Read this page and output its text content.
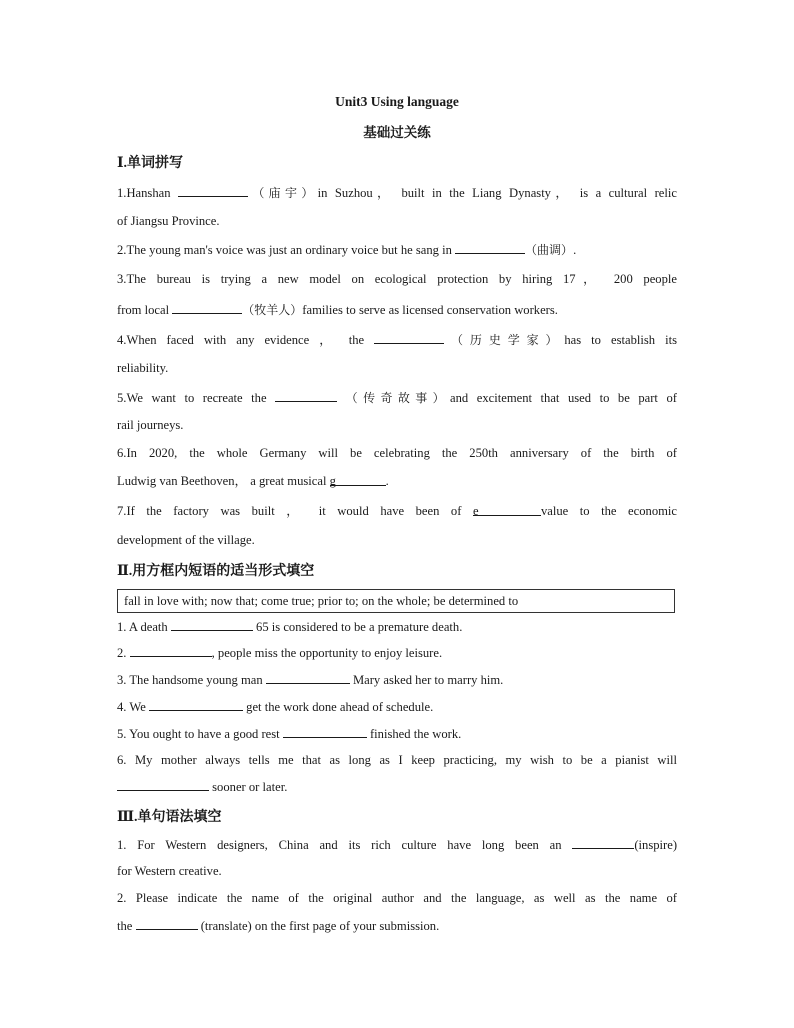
Unit3 Using language
基础过关练
Ⅰ.单词拼写
1.Hanshan	（庙宇）in Suzhou， built in the Liang Dynasty， is a cultural relic
of Jiangsu Province.
2.The young man's voice was just an ordinary voice but he sang in	（曲调）.
3.The bureau is trying a new model on ecological protection by hiring 17， 200 people
from local	（牧羊人）families to serve as licensed conservation workers.
4.When faced with any evidence ， the	（历史学家）has to establish its
reliability.
5.We want to recreate the	（传奇故事）and excitement that used to be part of
rail journeys.
6.In 2020, the whole Germany will be celebrating the 250th anniversary of the birth of
Ludwig van Beethoven， a great musical g	.
7.If the factory was built ， it would have been of e	value to the economic
development of the village.
Ⅱ.用方框内短语的适当形式填空
fall in love with; now that; come true; prior to; on the whole; be determined to
1. A death	65 is considered to be a premature death.
2.	, people miss the opportunity to enjoy leisure.
3. The handsome young man	Mary asked her to marry him.
4. We	get the work done ahead of schedule.
5. You ought to have a good rest	finished the work.
6. My mother always tells me that as long as I keep practicing, my wish to be a pianist will
sooner or later.
Ⅲ.单句语法填空
1. For Western designers, China and its rich culture have long been an	(inspire)
for Western creative.
2. Please indicate the name of the original author and the language, as well as the name of
the	(translate) on the first page of your submission.
